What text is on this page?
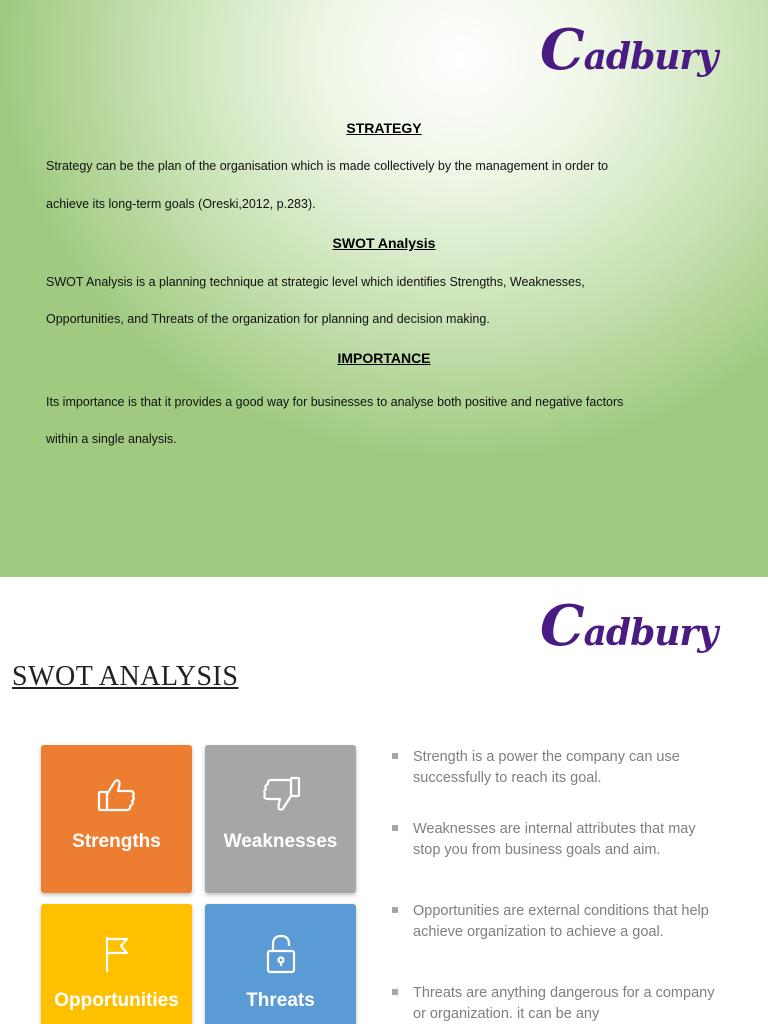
Cadbury
STRATEGY
Strategy can be the plan of the organisation which is made collectively by the management in order to
achieve its long-term goals (Oreski,2012, p.283).
SWOT Analysis
SWOT Analysis is a planning technique at strategic level which identifies Strengths, Weaknesses,
Opportunities, and Threats of the organization for planning and decision making.
IMPORTANCE
Its importance is that it provides a good way for businesses to analyse both positive and negative factors
within a single analysis.
Cadbury
SWOT ANALYSIS
Strengths	Weaknesses
Opportunities	Threats
Strength is a power the company can use successfully to reach its goal.
Weaknesses are internal attributes that may stop you from business goals and aim.
Opportunities are external conditions that help achieve organization to achieve a goal.
Threats are anything dangerous for a company or organization. it can be any
